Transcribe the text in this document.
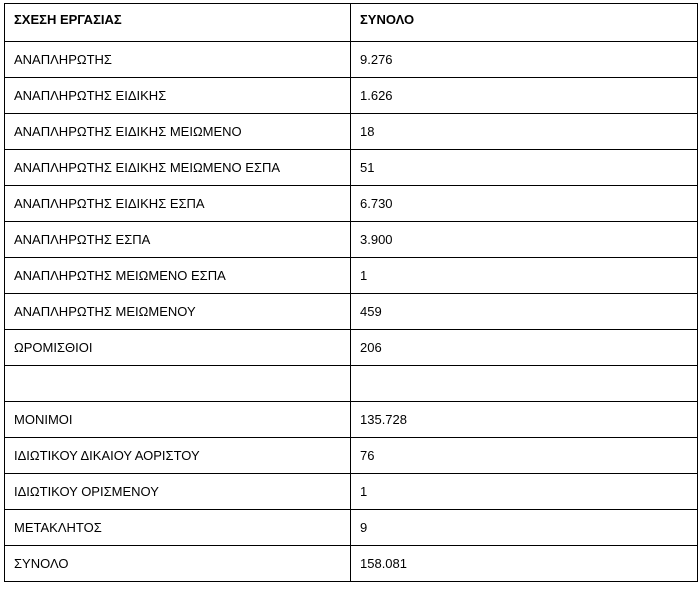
ΣΧΕΣΗ ΕΡΓΑΣΙΑΣ	ΣΥΝΟΛΟ
ΑΝΑΠΛΗΡΩΤΗΣ	9.276
ΑΝΑΠΛΗΡΩΤΗΣ ΕΙΔΙΚΗΣ	1.626
ΑΝΑΠΛΗΡΩΤΗΣ ΕΙΔΙΚΗΣ ΜΕΙΩΜΕΝΟ	18
ΑΝΑΠΛΗΡΩΤΗΣ ΕΙΔΙΚΗΣ ΜΕΙΩΜΕΝΟ ΕΣΠΑ	51
ΑΝΑΠΛΗΡΩΤΗΣ ΕΙΔΙΚΗΣ ΕΣΠΑ	6.730
ΑΝΑΠΛΗΡΩΤΗΣ ΕΣΠΑ	3.900
ΑΝΑΠΛΗΡΩΤΗΣ ΜΕΙΩΜΕΝΟ ΕΣΠΑ	1
ΑΝΑΠΛΗΡΩΤΗΣ ΜΕΙΩΜΕΝΟΥ	459
ΩΡΟΜΙΣΘΙΟΙ	206

ΜΟΝΙΜΟΙ	135.728
ΙΔΙΩΤΙΚΟΥ ΔΙΚΑΙΟΥ ΑΟΡΙΣΤΟΥ	76
ΙΔΙΩΤΙΚΟΥ ΟΡΙΣΜΕΝΟΥ	1
ΜΕΤΑΚΛΗΤΟΣ	9
ΣΥΝΟΛΟ	158.081
